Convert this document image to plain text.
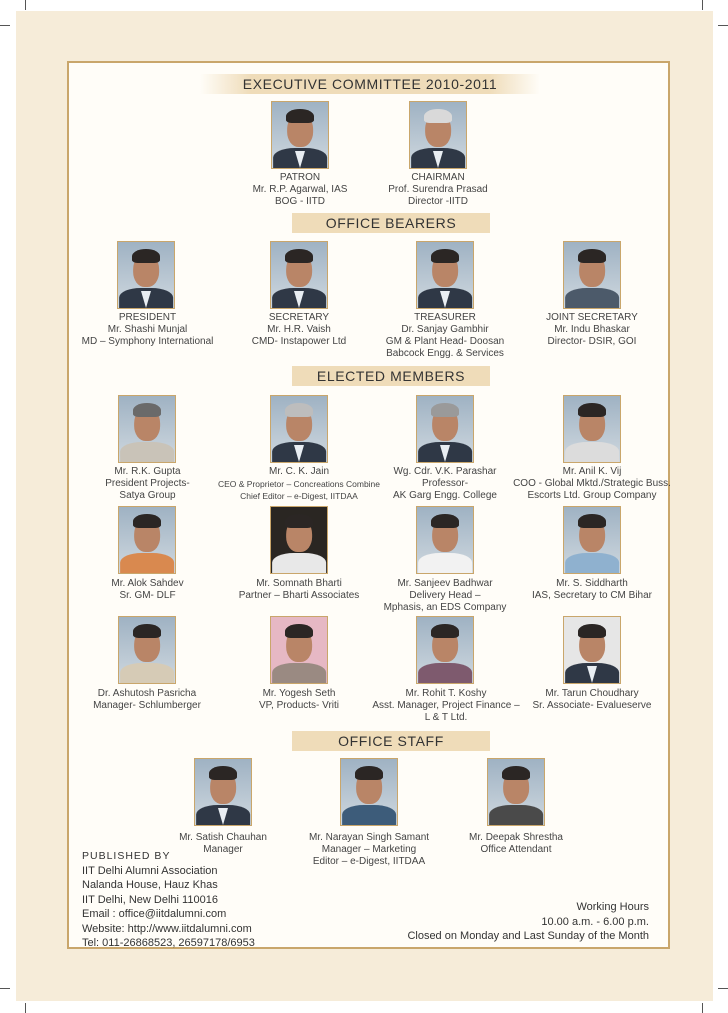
EXECUTIVE COMMITTEE 2010-2011
PATRON
Mr. R.P. Agarwal, IAS
BOG - IITD
CHAIRMAN
Prof. Surendra Prasad
Director -IITD
OFFICE BEARERS
PRESIDENT
Mr. Shashi Munjal
MD – Symphony International
SECRETARY
Mr. H.R. Vaish
CMD- Instapower Ltd
TREASURER
Dr. Sanjay Gambhir
GM & Plant Head- Doosan
Babcock Engg. & Services
JOINT SECRETARY
Mr. Indu Bhaskar
Director- DSIR, GOI
ELECTED MEMBERS
Mr. R.K. Gupta
President Projects-
Satya Group
Mr. C. K. Jain
CEO & Proprietor – Concreations Combine
Chief Editor – e-Digest, IITDAA
Wg. Cdr. V.K. Parashar
Professor-
AK Garg Engg. College
Mr. Anil K. Vij
COO - Global Mktd./Strategic Buss.
Escorts Ltd. Group Company
Mr. Alok Sahdev
Sr. GM- DLF
Mr. Somnath Bharti
Partner – Bharti Associates
Mr. Sanjeev Badhwar
Delivery Head –
Mphasis, an EDS Company
Mr. S. Siddharth
IAS, Secretary to CM Bihar
Dr. Ashutosh Pasricha
Manager- Schlumberger
Mr. Yogesh Seth
VP, Products- Vriti
Mr. Rohit T. Koshy
Asst. Manager, Project Finance –
L & T Ltd.
Mr. Tarun Choudhary
Sr. Associate- Evalueserve
OFFICE STAFF
Mr. Satish Chauhan
Manager
Mr. Narayan Singh Samant
Manager – Marketing
Editor – e-Digest, IITDAA
Mr. Deepak Shrestha
Office Attendant
PUBLISHED BY
IIT Delhi Alumni Association
Nalanda House, Hauz Khas
IIT Delhi, New Delhi 110016
Email : office@iitdalumni.com
Website: http://www.iitdalumni.com
Tel: 011-26868523, 26597178/6953
Working Hours
10.00 a.m. - 6.00 p.m.
Closed on Monday and Last Sunday of the Month
